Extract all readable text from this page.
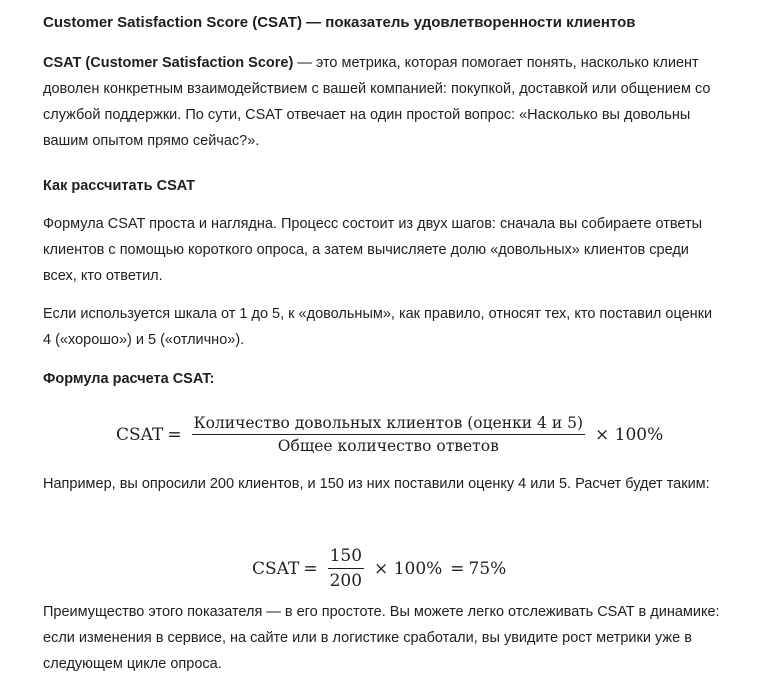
Customer Satisfaction Score (CSAT) — показатель удовлетворенности клиентов

CSAT (Customer Satisfaction Score) — это метрика, которая помогает понять, насколько клиент доволен конкретным взаимодействием с вашей компанией: покупкой, доставкой или общением со службой поддержки. По сути, CSAT отвечает на один простой вопрос: «Насколько вы довольны вашим опытом прямо сейчас?».

Как рассчитать CSAT

Формула CSAT проста и наглядна. Процесс состоит из двух шагов: сначала вы собираете ответы клиентов с помощью короткого опроса, а затем вычисляете долю «довольных» клиентов среди всех, кто ответил.

Если используется шкала от 1 до 5, к «довольным», как правило, относят тех, кто поставил оценки 4 («хорошо») и 5 («отлично»).

Формула расчета CSAT:
CSAT = $\frac{\text{Количество довольных клиентов (оценки 4 и 5)}}{\text{Общее количество ответов}} \times 100\%$

Например, вы опросили 200 клиентов, и 150 из них поставили оценку 4 или 5. Расчет будет таким:

CSAT = $\frac{150}{200} \times 100\% = 75\%$

Преимущество этого показателя — в его простоте. Вы можете легко отслеживать CSAT в динамике: если изменения в сервисе, на сайте или в логистике сработали, вы увидите рост метрики уже в следующем цикле опроса.
